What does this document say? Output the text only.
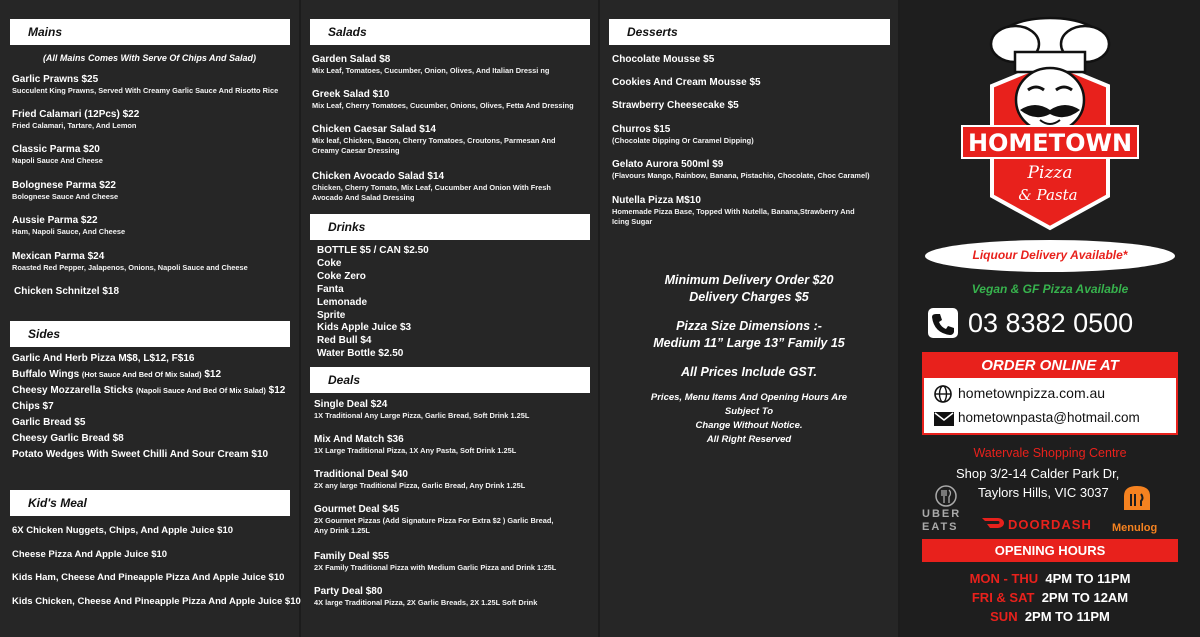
Mains
(All Mains Comes With Serve Of Chips And Salad)
Garlic Prawns $25
Succulent King Prawns, Served With Creamy Garlic Sauce And Risotto Rice
Fried Calamari (12Pcs) $22
Fried Calamari, Tartare, And Lemon
Classic Parma $20
Napoli Sauce And Cheese
Bolognese Parma $22
Bolognese Sauce And Cheese
Aussie Parma $22
Ham, Napoli Sauce, And Cheese
Mexican Parma $24
Roasted Red Pepper, Jalapenos, Onions, Napoli Sauce and Cheese
Chicken Schnitzel $18
Sides
Garlic And Herb Pizza M$8, L$12, F$16
Buffalo Wings (Hot Sauce And Bed Of Mix Salad) $12
Cheesy Mozzarella Sticks (Napoli Sauce And Bed Of Mix Salad) $12
Chips $7
Garlic Bread $5
Cheesy Garlic Bread $8
Potato Wedges With Sweet Chilli And Sour Cream $10
Kid's Meal
6X Chicken Nuggets, Chips, And Apple Juice $10
Cheese Pizza And Apple Juice $10
Kids Ham, Cheese And Pineapple Pizza And Apple Juice $10
Kids Chicken, Cheese And Pineapple Pizza And Apple Juice $10
Salads
Garden Salad $8
Mix Leaf, Tomatoes, Cucumber, Onion, Olives, And Italian Dressi ng
Greek Salad $10
Mix Leaf, Cherry Tomatoes, Cucumber, Onions, Olives, Fetta And Dressing
Chicken Caesar Salad $14
Mix leaf, Chicken, Bacon, Cherry Tomatoes, Croutons, Parmesan And Creamy Caesar Dressing
Chicken Avocado Salad $14
Chicken, Cherry Tomato, Mix Leaf, Cucumber And Onion With Fresh Avocado And Salad Dressing
Drinks
BOTTLE $5 / CAN $2.50
Coke
Coke Zero
Fanta
Lemonade
Sprite
Kids Apple Juice $3
Red Bull $4
Water Bottle $2.50
Deals
Single Deal $24
1X Traditional Any Large Pizza, Garlic Bread, Soft Drink 1.25L
Mix And Match $36
1X Large Traditional Pizza, 1X Any Pasta, Soft Drink 1.25L
Traditional Deal $40
2X any large Traditional Pizza, Garlic Bread, Any Drink 1.25L
Gourmet Deal $45
2X Gourmet Pizzas (Add Signature Pizza For Extra $2 ) Garlic Bread, Any Drink 1.25L
Family Deal $55
2X Family Traditional Pizza with Medium Garlic Pizza and Drink 1:25L
Party Deal $80
4X large Traditional Pizza, 2X Garlic Breads, 2X 1.25L Soft Drink
Desserts
Chocolate Mousse $5
Cookies And Cream Mousse $5
Strawberry Cheesecake $5
Churros $15
(Chocolate Dipping Or Caramel Dipping)
Gelato Aurora 500ml $9
(Flavours Mango, Rainbow, Banana, Pistachio, Chocolate, Choc Caramel)
Nutella Pizza M$10
Homemade Pizza Base, Topped With Nutella, Banana,Strawberry And Icing Sugar
Minimum Delivery Order $20
Delivery Charges $5
Pizza Size Dimensions :-
Medium 11” Large 13” Family 15
All Prices Include GST.
Prices, Menu Items And Opening Hours Are
Subject To
Change Without Notice.
All Right Reserved
HOMETOWN
Pizza
& Pasta
Liquour Delivery Available*
Vegan & GF Pizza Available
03 8382 0500
ORDER ONLINE AT
hometownpizza.com.au
hometownpasta@hotmail.com
Watervale Shopping Centre
Shop 3/2-14 Calder Park Dr,
Taylors Hills, VIC 3037
UBER
EATS	DOORDASH Menulog
OPENING HOURS
MON - THU 4PM TO 11PM
FRI & SAT 2PM TO 12AM
SUN 2PM TO 11PM
